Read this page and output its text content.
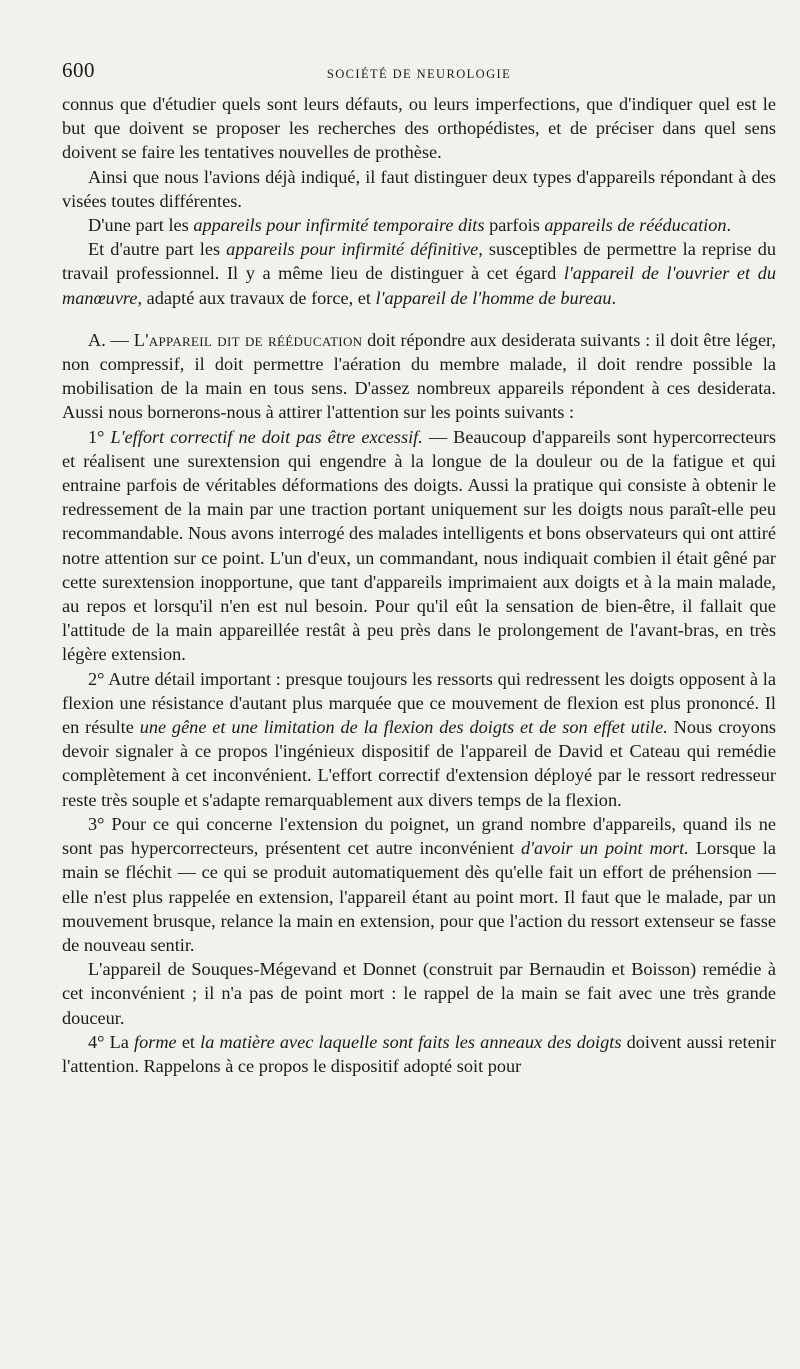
600	SOCIÉTÉ DE NEUROLOGIE

connus que d'étudier quels sont leurs défauts, ou leurs imperfections, que d'indiquer quel est le but que doivent se proposer les recherches des orthopédistes, et de préciser dans quel sens doivent se faire les tentatives nouvelles de prothèse.

Ainsi que nous l'avions déjà indiqué, il faut distinguer deux types d'appareils répondant à des visées toutes différentes.

D'une part les appareils pour infirmité temporaire dits parfois appareils de rééducation.

Et d'autre part les appareils pour infirmité définitive, susceptibles de permettre la reprise du travail professionnel. Il y a même lieu de distinguer à cet égard l'appareil de l'ouvrier et du manœuvre, adapté aux travaux de force, et l'appareil de l'homme de bureau.

A. — L'appareil dit de rééducation doit répondre aux desiderata suivants : il doit être léger, non compressif, il doit permettre l'aération du membre malade, il doit rendre possible la mobilisation de la main en tous sens. D'assez nombreux appareils répondent à ces desiderata. Aussi nous bornerons-nous à attirer l'attention sur les points suivants :

1° L'effort correctif ne doit pas être excessif. — Beaucoup d'appareils sont hypercorrecteurs et réalisent une surextension qui engendre à la longue de la douleur ou de la fatigue et qui entraine parfois de véritables déformations des doigts. Aussi la pratique qui consiste à obtenir le redressement de la main par une traction portant uniquement sur les doigts nous paraît-elle peu recommandable. Nous avons interrogé des malades intelligents et bons observateurs qui ont attiré notre attention sur ce point. L'un d'eux, un commandant, nous indiquait combien il était gêné par cette surextension inopportune, que tant d'appareils imprimaient aux doigts et à la main malade, au repos et lorsqu'il n'en est nul besoin. Pour qu'il eût la sensation de bien-être, il fallait que l'attitude de la main appareillée restât à peu près dans le prolongement de l'avant-bras, en très légère extension.

2° Autre détail important : presque toujours les ressorts qui redressent les doigts opposent à la flexion une résistance d'autant plus marquée que ce mouvement de flexion est plus prononcé. Il en résulte une gêne et une limitation de la flexion des doigts et de son effet utile. Nous croyons devoir signaler à ce propos l'ingénieux dispositif de l'appareil de David et Cateau qui remédie complètement à cet inconvénient. L'effort correctif d'extension déployé par le ressort redresseur reste très souple et s'adapte remarquablement aux divers temps de la flexion.

3° Pour ce qui concerne l'extension du poignet, un grand nombre d'appareils, quand ils ne sont pas hypercorrecteurs, présentent cet autre inconvénient d'avoir un point mort. Lorsque la main se fléchit — ce qui se produit automatiquement dès qu'elle fait un effort de préhension — elle n'est plus rappelée en extension, l'appareil étant au point mort. Il faut que le malade, par un mouvement brusque, relance la main en extension, pour que l'action du ressort extenseur se fasse de nouveau sentir.

L'appareil de Souques-Mégevand et Donnet (construit par Bernaudin et Boisson) remédie à cet inconvénient ; il n'a pas de point mort : le rappel de la main se fait avec une très grande douceur.

4° La forme et la matière avec laquelle sont faits les anneaux des doigts doivent aussi retenir l'attention. Rappelons à ce propos le dispositif adopté soit pour
